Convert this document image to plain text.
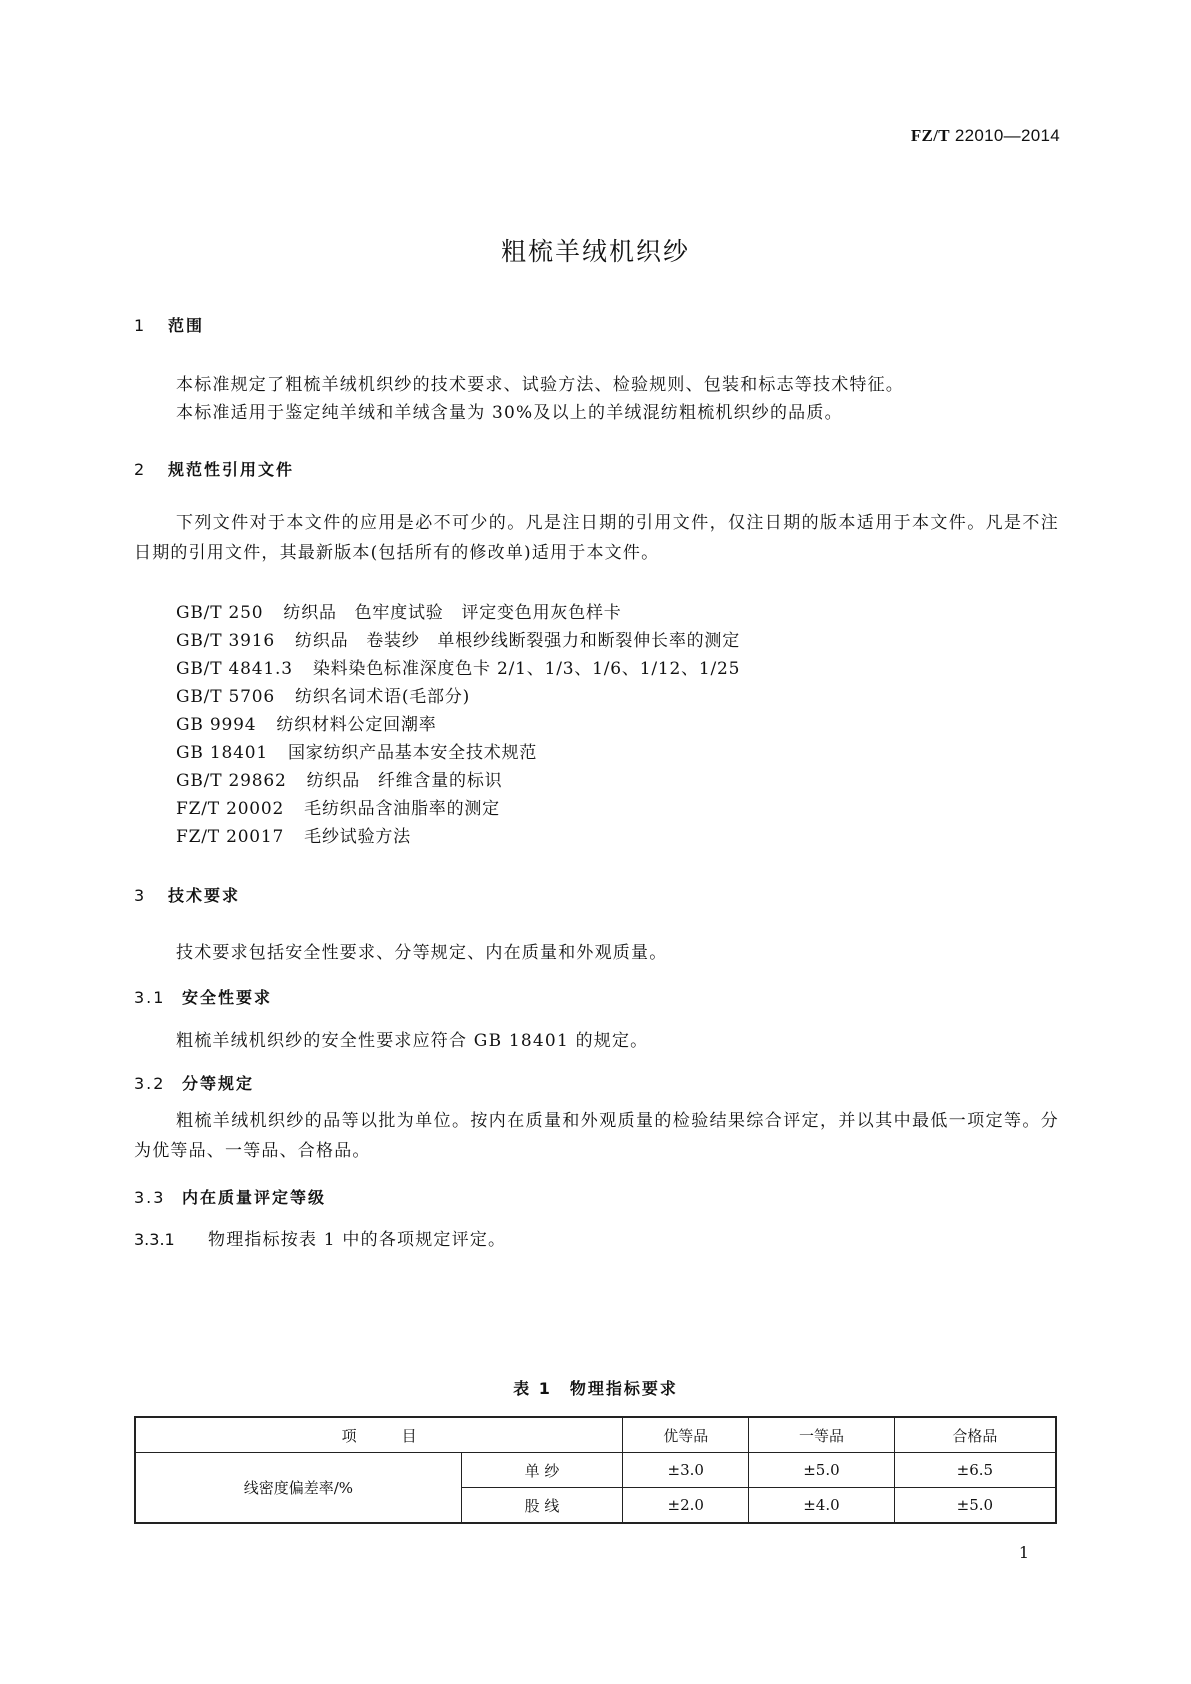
FZ/T 22010—2014
粗梳羊绒机织纱
1 范围
本标准规定了粗梳羊绒机织纱的技术要求、试验方法、检验规则、包装和标志等技术特征。
本标准适用于鉴定纯羊绒和羊绒含量为 30%及以上的羊绒混纺粗梳机织纱的品质。
2 规范性引用文件
下列文件对于本文件的应用是必不可少的。凡是注日期的引用文件，仅注日期的版本适用于本文件。凡是不注日期的引用文件，其最新版本(包括所有的修改单)适用于本文件。
GB/T 250 纺织品　色牢度试验　评定变色用灰色样卡
GB/T 3916 纺织品　卷装纱　单根纱线断裂强力和断裂伸长率的测定
GB/T 4841.3 染料染色标准深度色卡 2/1、1/3、1/6、1/12、1/25
GB/T 5706 纺织名词术语(毛部分)
GB 9994 纺织材料公定回潮率
GB 18401 国家纺织产品基本安全技术规范
GB/T 29862 纺织品　纤维含量的标识
FZ/T 20002 毛纺织品含油脂率的测定
FZ/T 20017 毛纱试验方法
3 技术要求
技术要求包括安全性要求、分等规定、内在质量和外观质量。
3.1 安全性要求
粗梳羊绒机织纱的安全性要求应符合 GB 18401 的规定。
3.2 分等规定
粗梳羊绒机织纱的品等以批为单位。按内在质量和外观质量的检验结果综合评定，并以其中最低一项定等。分为优等品、一等品、合格品。
3.3 内在质量评定等级
3.3.1 物理指标按表 1 中的各项规定评定。
表 1　物理指标要求
项　　　目		优等品	一等品	合格品
线密度偏差率/%	单 纱	±3.0	±5.0	±6.5
	股 线	±2.0	±4.0	±5.0
1
